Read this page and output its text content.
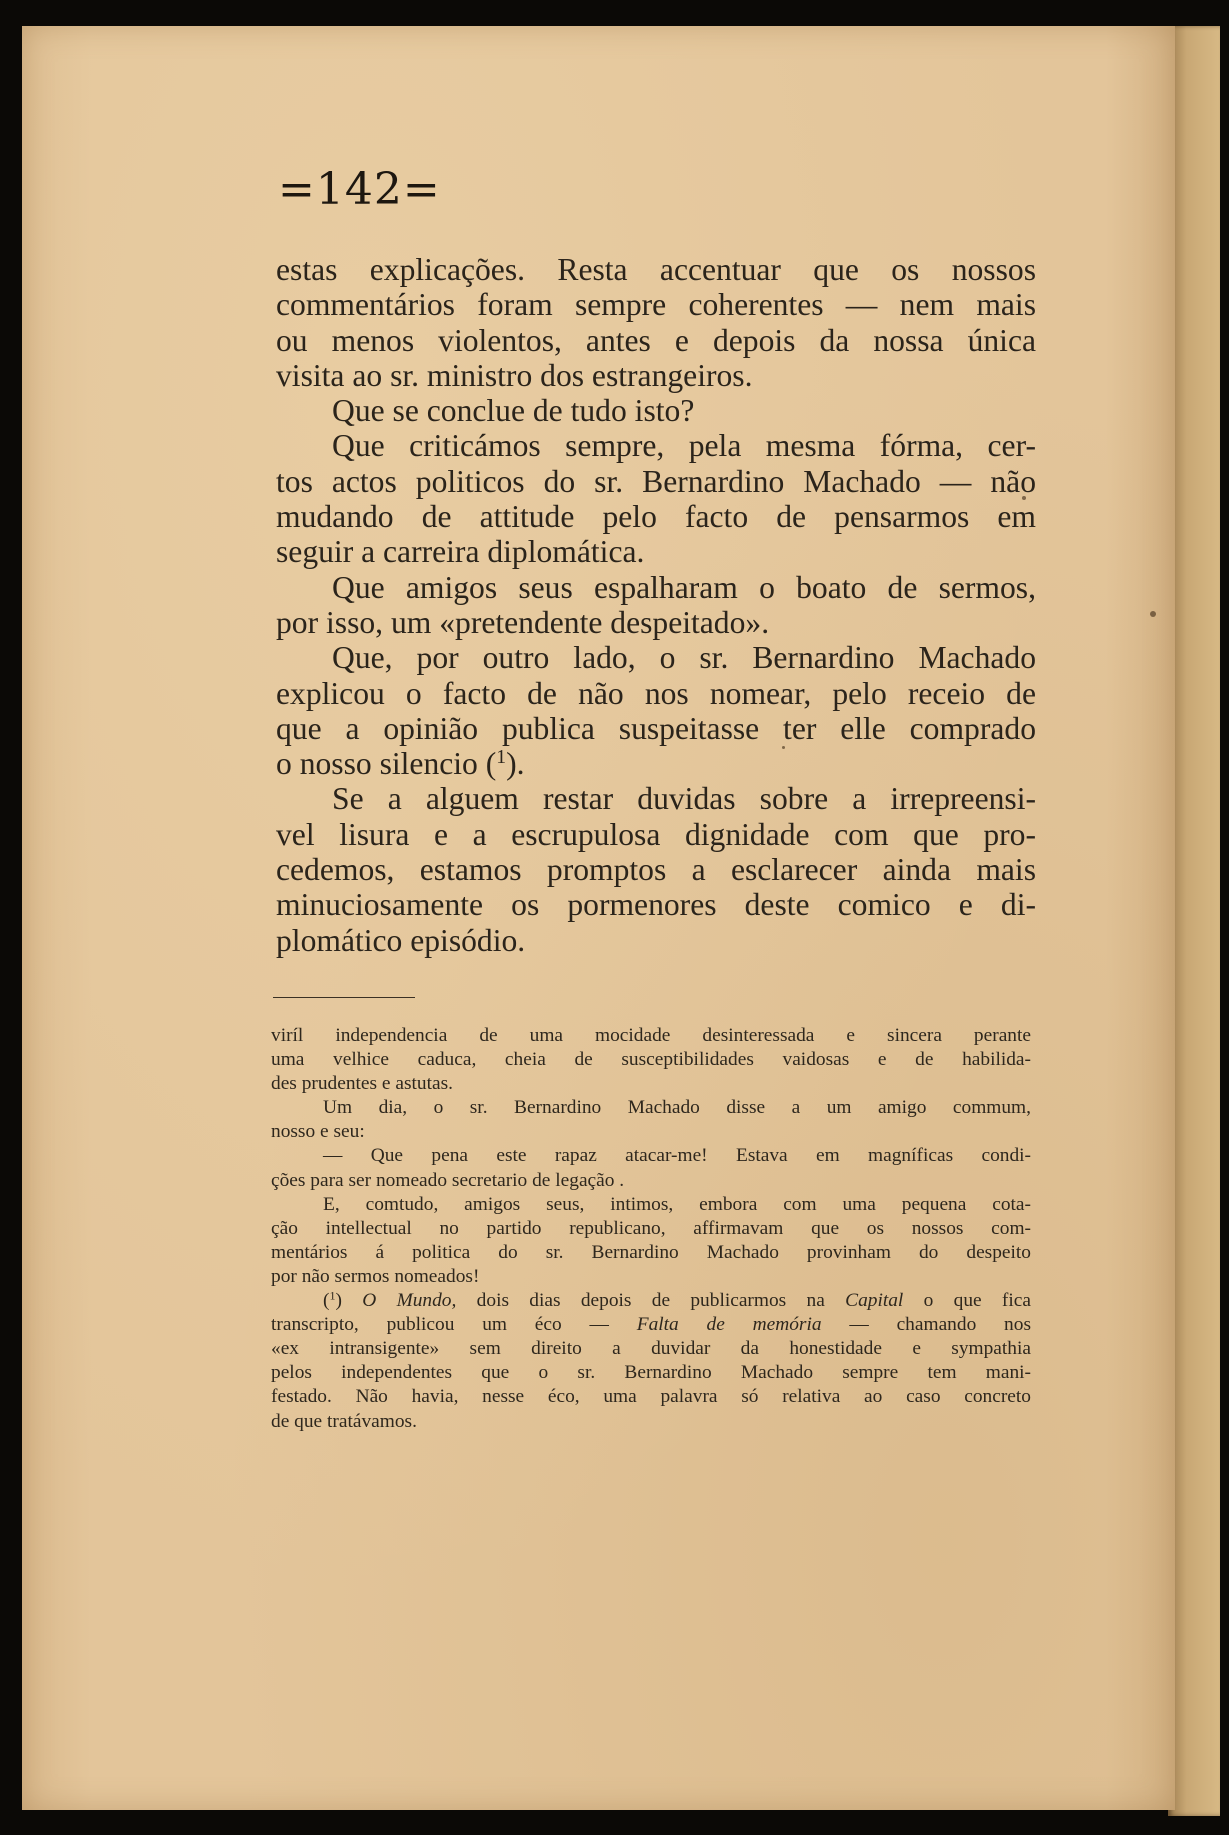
=142=

estas explicações. Resta accentuar que os nossos

commentários foram sempre coherentes — nem mais

ou menos violentos, antes e depois da nossa única

visita ao sr. ministro dos estrangeiros.

Que se conclue de tudo isto?

Que criticámos sempre, pela mesma fórma, cer-

tos actos politicos do sr. Bernardino Machado — não

mudando de attitude pelo facto de pensarmos em

seguir a carreira diplomática.

Que amigos seus espalharam o boato de sermos,

por isso, um «pretendente despeitado».

Que, por outro lado, o sr. Bernardino Machado

explicou o facto de não nos nomear, pelo receio de

que a opinião publica suspeitasse ter elle comprado

o nosso silencio ($^1$).

Se a alguem restar duvidas sobre a irrepreensi-

vel lisura e a escrupulosa dignidade com que pro-

cedemos, estamos promptos a esclarecer ainda mais

minuciosamente os pormenores deste comico e di-

plomático episódio.

viríl independencia de uma mocidade desinteressada e sincera perante

uma velhice caduca, cheia de susceptibilidades vaidosas e de habilida-

des prudentes e astutas.

Um dia, o sr. Bernardino Machado disse a um amigo commum,

nosso e seu:

— Que pena este rapaz atacar-me! Estava em magníficas condi-

ções para ser nomeado secretario de legação .

E, comtudo, amigos seus, intimos, embora com uma pequena cota-

ção intellectual no partido republicano, affirmavam que os nossos com-

mentários á politica do sr. Bernardino Machado provinham do despeito

por não sermos nomeados!

($^1$) O Mundo, dois dias depois de publicarmos na Capital o que fica

transcripto, publicou um éco — Falta de memória — chamando nos

«ex intransigente» sem direito a duvidar da honestidade e sympathia

pelos independentes que o sr. Bernardino Machado sempre tem mani-

festado. Não havia, nesse éco, uma palavra só relativa ao caso concreto

de que tratávamos.
